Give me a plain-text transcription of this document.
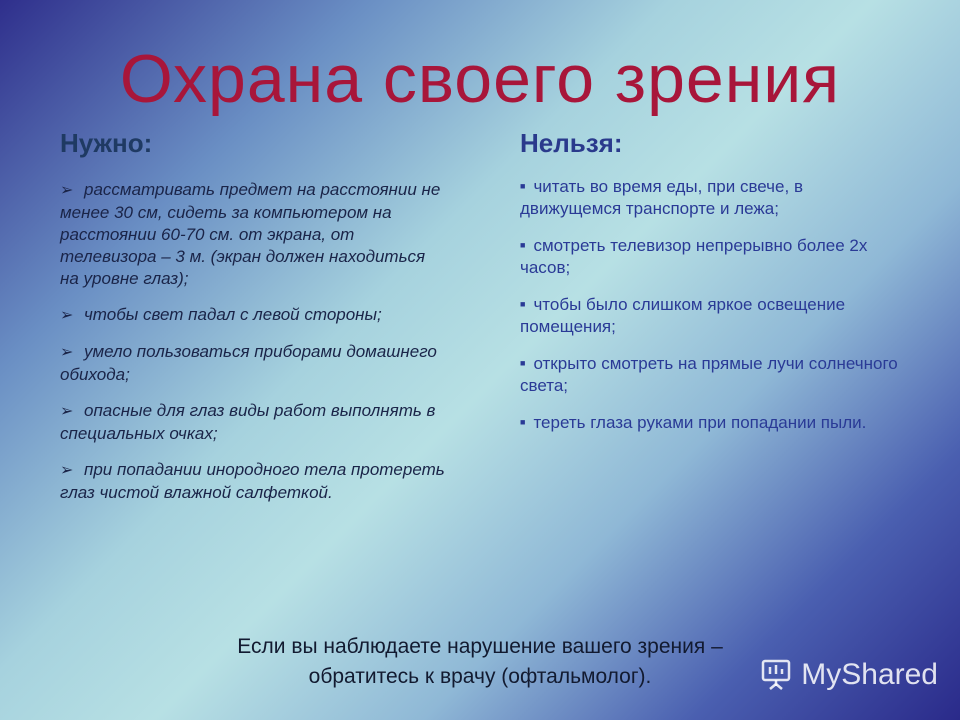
Охрана своего зрения
Нужно:
➢ рассматривать предмет на расстоянии не менее 30 см, сидеть за компьютером на расстоянии 60-70 см. от экрана, от телевизора – 3 м. (экран должен находиться на уровне глаз);
➢ чтобы свет падал с левой стороны;
➢ умело пользоваться приборами домашнего обихода;
➢ опасные для глаз виды работ выполнять в специальных очках;
➢ при попадании инородного тела протереть глаз чистой влажной салфеткой.
Нельзя:
■ читать во время еды, при свече, в движущемся транспорте и лежа;
■ смотреть телевизор непрерывно более 2х часов;
■ чтобы было слишком яркое освещение помещения;
■ открыто смотреть на прямые лучи солнечного света;
■ тереть глаза руками при попадании пыли.
Если вы наблюдаете нарушение вашего зрения –
обратитесь к врачу (офтальмолог).	MyShared
